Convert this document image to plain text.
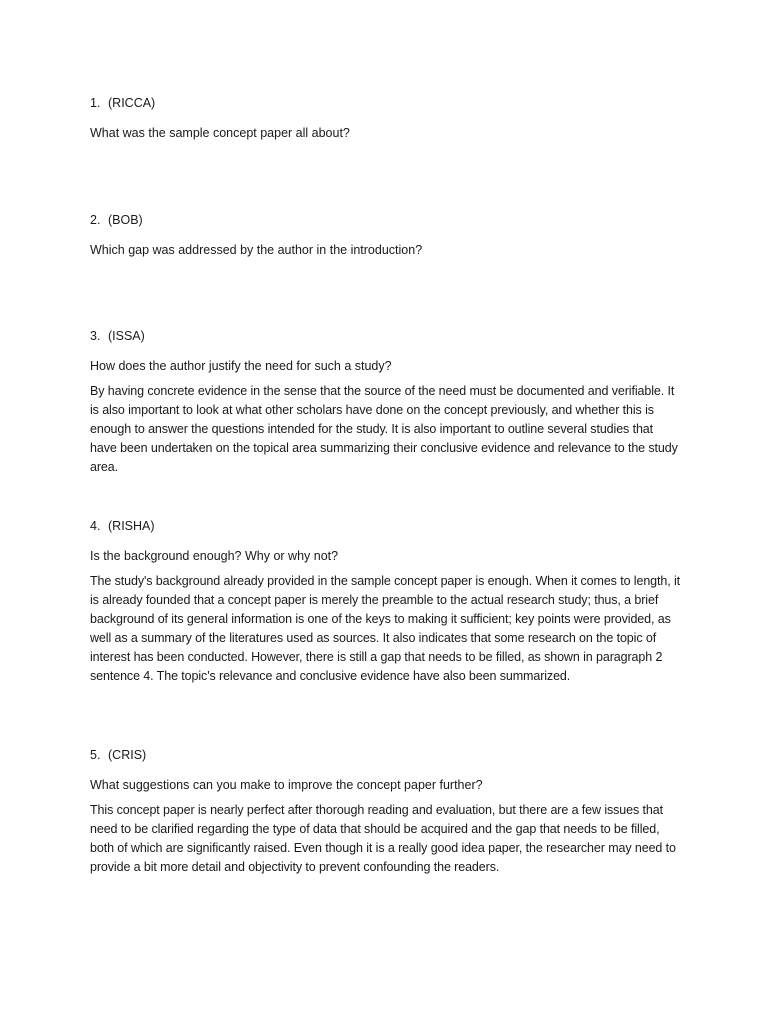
1. (RICCA)

What was the sample concept paper all about?

2. (BOB)

Which gap was addressed by the author in the introduction?

3. (ISSA)

How does the author justify the need for such a study?

By having concrete evidence in the sense that the source of the need must be documented and verifiable. It is also important to look at what other scholars have done on the concept previously, and whether this is enough to answer the questions intended for the study. It is also important to outline several studies that have been undertaken on the topical area summarizing their conclusive evidence and relevance to the study area.

4. (RISHA)

Is the background enough? Why or why not?

The study's background already provided in the sample concept paper is enough. When it comes to length, it is already founded that a concept paper is merely the preamble to the actual research study; thus, a brief background of its general information is one of the keys to making it sufficient; key points were provided, as well as a summary of the literatures used as sources. It also indicates that some research on the topic of interest has been conducted. However, there is still a gap that needs to be filled, as shown in paragraph 2 sentence 4. The topic's relevance and conclusive evidence have also been summarized.

5. (CRIS)

What suggestions can you make to improve the concept paper further?

This concept paper is nearly perfect after thorough reading and evaluation, but there are a few issues that need to be clarified regarding the type of data that should be acquired and the gap that needs to be filled, both of which are significantly raised. Even though it is a really good idea paper, the researcher may need to provide a bit more detail and objectivity to prevent confounding the readers.
